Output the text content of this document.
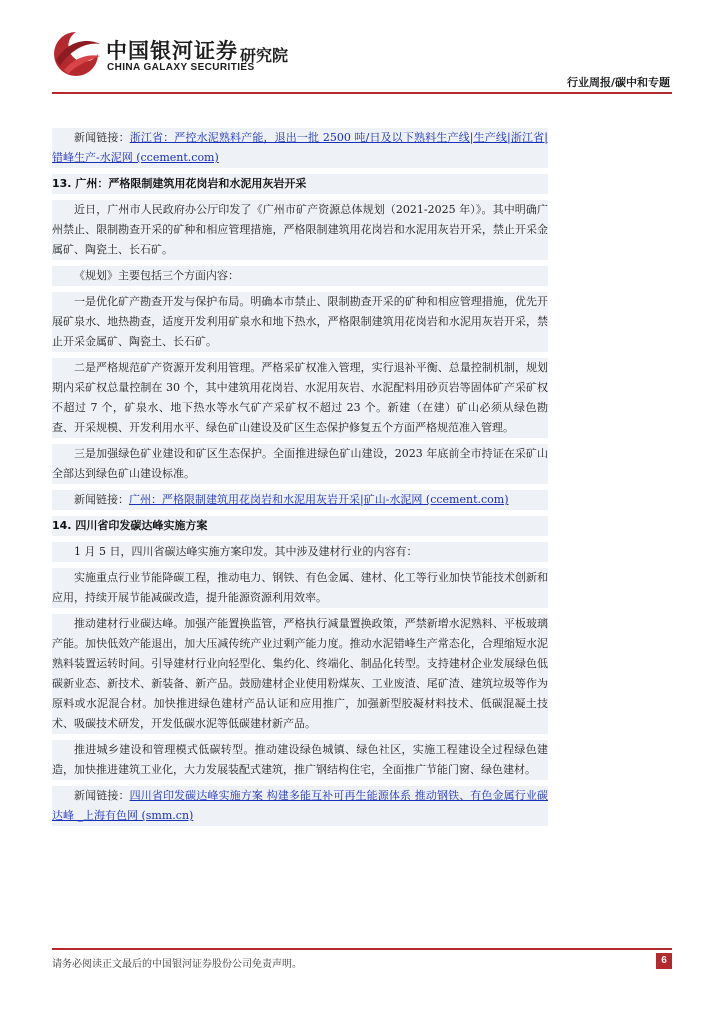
中国银河证券
CHINA GALAXY SECURITIES
研究院
行业周报/碳中和专题

新闻链接：浙江省：严控水泥熟料产能，退出一批 2500 吨/日及以下熟料生产线|生产线|浙江省|错峰生产-水泥网 (ccement.com)

13. 广州：严格限制建筑用花岗岩和水泥用灰岩开采

近日，广州市人民政府办公厅印发了《广州市矿产资源总体规划（2021-2025 年）》。其中明确广州禁止、限制勘查开采的矿种和相应管理措施，严格限制建筑用花岗岩和水泥用灰岩开采，禁止开采金属矿、陶瓷土、长石矿。

《规划》主要包括三个方面内容：

一是优化矿产勘查开发与保护布局。明确本市禁止、限制勘查开采的矿种和相应管理措施，优先开展矿泉水、地热勘查，适度开发利用矿泉水和地下热水，严格限制建筑用花岗岩和水泥用灰岩开采，禁止开采金属矿、陶瓷土、长石矿。

二是严格规范矿产资源开发利用管理。严格采矿权准入管理，实行退补平衡、总量控制机制，规划期内采矿权总量控制在 30 个，其中建筑用花岗岩、水泥用灰岩、水泥配料用砂页岩等固体矿产采矿权不超过 7 个，矿泉水、地下热水等水气矿产采矿权不超过 23 个。新建（在建）矿山必须从绿色勘查、开采规模、开发利用水平、绿色矿山建设及矿区生态保护修复五个方面严格规范准入管理。

三是加强绿色矿业建设和矿区生态保护。全面推进绿色矿山建设，2023 年底前全市持证在采矿山全部达到绿色矿山建设标准。

新闻链接：广州：严格限制建筑用花岗岩和水泥用灰岩开采|矿山-水泥网 (ccement.com)

14. 四川省印发碳达峰实施方案

1 月 5 日，四川省碳达峰实施方案印发。其中涉及建材行业的内容有：

实施重点行业节能降碳工程，推动电力、钢铁、有色金属、建材、化工等行业加快节能技术创新和应用，持续开展节能减碳改造，提升能源资源利用效率。

推动建材行业碳达峰。加强产能置换监管，严格执行减量置换政策，严禁新增水泥熟料、平板玻璃产能。加快低效产能退出，加大压减传统产业过剩产能力度。推动水泥错峰生产常态化，合理缩短水泥熟料装置运转时间。引导建材行业向轻型化、集约化、终端化、制品化转型。支持建材企业发展绿色低碳新业态、新技术、新装备、新产品。鼓励建材企业使用粉煤灰、工业废渣、尾矿渣、建筑垃圾等作为原料或水泥混合材。加快推进绿色建材产品认证和应用推广，加强新型胶凝材料技术、低碳混凝土技术、吸碳技术研发，开发低碳水泥等低碳建材新产品。

推进城乡建设和管理模式低碳转型。推动建设绿色城镇、绿色社区，实施工程建设全过程绿色建造，加快推进建筑工业化，大力发展装配式建筑，推广钢结构住宅，全面推广节能门窗、绿色建材。

新闻链接：四川省印发碳达峰实施方案 构建多能互补可再生能源体系 推动钢铁、有色金属行业碳达峰 _上海有色网 (smm.cn)

请务必阅读正文最后的中国银河证券股份公司免责声明。	6
